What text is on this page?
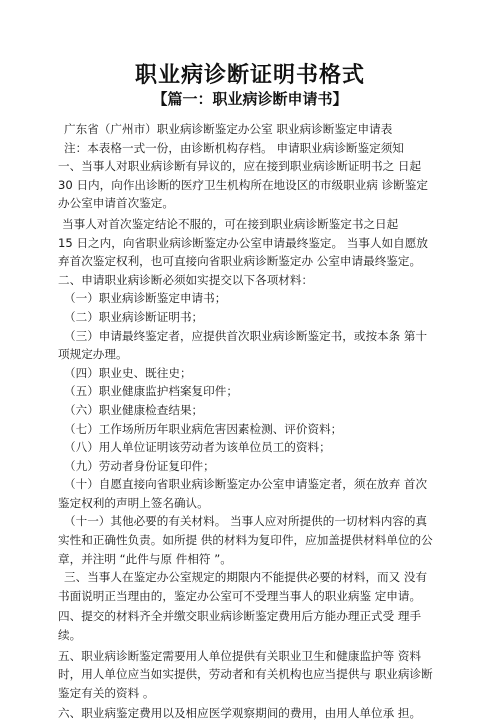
职业病诊断证明书格式
【篇一：职业病诊断申请书】
广东省（广州市）职业病诊断鉴定办公室 职业病诊断鉴定申请表
注：本表格一式一份，由诊断机构存档。 申请职业病诊断鉴定须知
一、当事人对职业病诊断有异议的，应在接到职业病诊断证明书之 日起
30 日内，向作出诊断的医疗卫生机构所在地设区的市级职业病 诊断鉴定
办公室申请首次鉴定。
当事人对首次鉴定结论不服的，可在接到职业病诊断鉴定书之日起
15 日之内，向省职业病诊断鉴定办公室申请最终鉴定。 当事人如自愿放
弃首次鉴定权利，也可直接向省职业病诊断鉴定办 公室申请最终鉴定。
二、申请职业病诊断必须如实提交以下各项材料：
（一）职业病诊断鉴定申请书；
（二）职业病诊断证明书；
（三）申请最终鉴定者，应提供首次职业病诊断鉴定书，或按本条 第十
项规定办理。
（四）职业史、既往史；
（五）职业健康监护档案复印件；
（六）职业健康检查结果；
（七）工作场所历年职业病危害因素检测、评价资料；
（八）用人单位证明该劳动者为该单位员工的资料；
（九）劳动者身份证复印件；
（十）自愿直接向省职业病诊断鉴定办公室申请鉴定者，须在放弃 首次
鉴定权利的声明上签名确认。
（十一）其他必要的有关材料。 当事人应对所提供的一切材料内容的真
实性和正确性负责。如所提 供的材料为复印件，应加盖提供材料单位的公
章，并注明 “此件与原 件相符 ”。
三、当事人在鉴定办公室规定的期限内不能提供必要的材料，而又 没有
书面说明正当理由的，鉴定办公室可不受理当事人的职业病鉴 定申请。
四、提交的材料齐全并缴交职业病诊断鉴定费用后方能办理正式受 理手
续。
五、职业病诊断鉴定需要用人单位提供有关职业卫生和健康监护等 资料
时，用人单位应当如实提供，劳动者和有关机构也应当提供与 职业病诊断
鉴定有关的资料 。
六、职业病鉴定费用以及相应医学观察期间的费用，由用人单位承 担。
